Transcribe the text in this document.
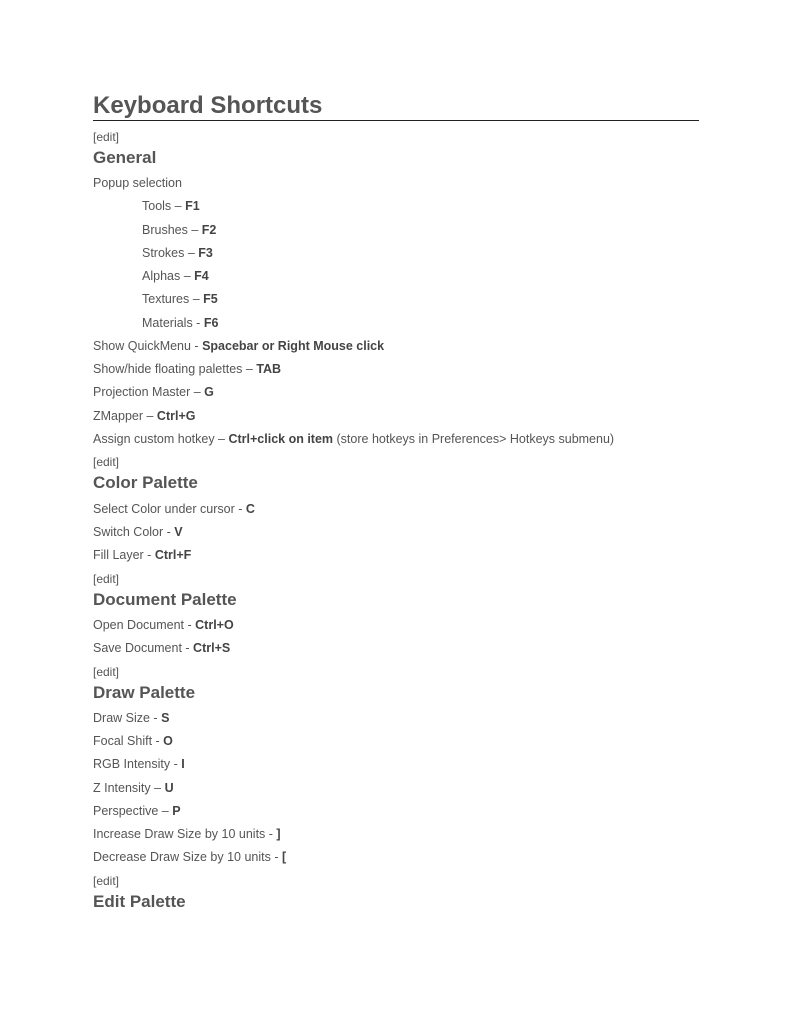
Keyboard Shortcuts
[edit]
General
Popup selection
Tools – F1
Brushes – F2
Strokes – F3
Alphas – F4
Textures – F5
Materials - F6
Show QuickMenu - Spacebar or Right Mouse click
Show/hide floating palettes – TAB
Projection Master – G
ZMapper – Ctrl+G
Assign custom hotkey – Ctrl+click on item (store hotkeys in Preferences> Hotkeys submenu)
[edit]
Color Palette
Select Color under cursor - C
Switch Color - V
Fill Layer - Ctrl+F
[edit]
Document Palette
Open Document - Ctrl+O
Save Document - Ctrl+S
[edit]
Draw Palette
Draw Size - S
Focal Shift - O
RGB Intensity - I
Z Intensity – U
Perspective – P
Increase Draw Size by 10 units - ]
Decrease Draw Size by 10 units - [
[edit]
Edit Palette
